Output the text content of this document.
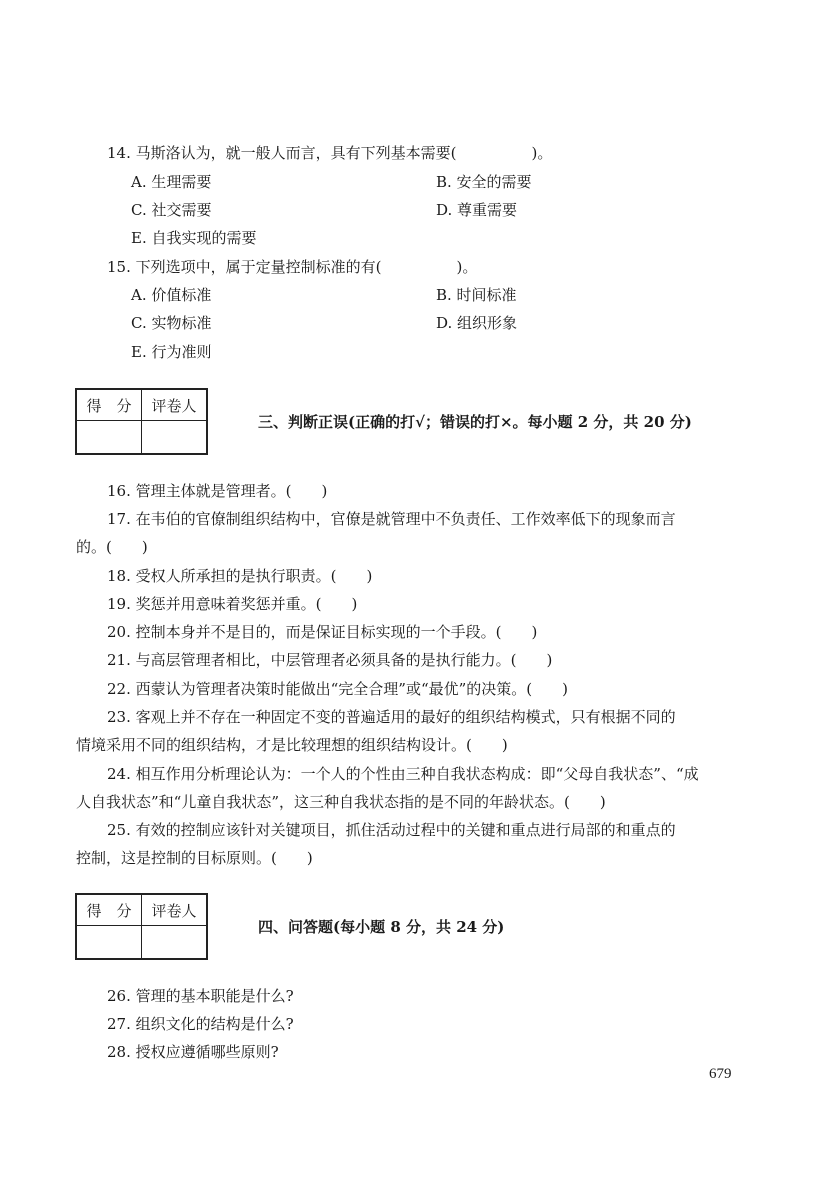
14. 马斯洛认为，就一般人而言，具有下列基本需要(　　　　　)。
A. 生理需要	B. 安全的需要
C. 社交需要	D. 尊重需要
E. 自我实现的需要
15. 下列选项中，属于定量控制标准的有(　　　　　)。
A. 价值标准	B. 时间标准
C. 实物标准	D. 组织形象
E. 行为准则
得　分	评卷人

三、判断正误(正确的打√；错误的打×。每小题 2 分，共 20 分)
16. 管理主体就是管理者。(　　)
17. 在韦伯的官僚制组织结构中，官僚是就管理中不负责任、工作效率低下的现象而言
的。(　　)
18. 受权人所承担的是执行职责。(　　)
19. 奖惩并用意味着奖惩并重。(　　)
20. 控制本身并不是目的，而是保证目标实现的一个手段。(　　)
21. 与高层管理者相比，中层管理者必须具备的是执行能力。(　　)
22. 西蒙认为管理者决策时能做出“完全合理”或“最优”的决策。(　　)
23. 客观上并不存在一种固定不变的普遍适用的最好的组织结构模式，只有根据不同的
情境采用不同的组织结构，才是比较理想的组织结构设计。(　　)
24. 相互作用分析理论认为：一个人的个性由三种自我状态构成：即“父母自我状态”、“成
人自我状态”和“儿童自我状态”，这三种自我状态指的是不同的年龄状态。(　　)
25. 有效的控制应该针对关键项目，抓住活动过程中的关键和重点进行局部的和重点的
控制，这是控制的目标原则。(　　)
得　分	评卷人

四、问答题(每小题 8 分，共 24 分)
26. 管理的基本职能是什么?
27. 组织文化的结构是什么?
28. 授权应遵循哪些原则?
679
